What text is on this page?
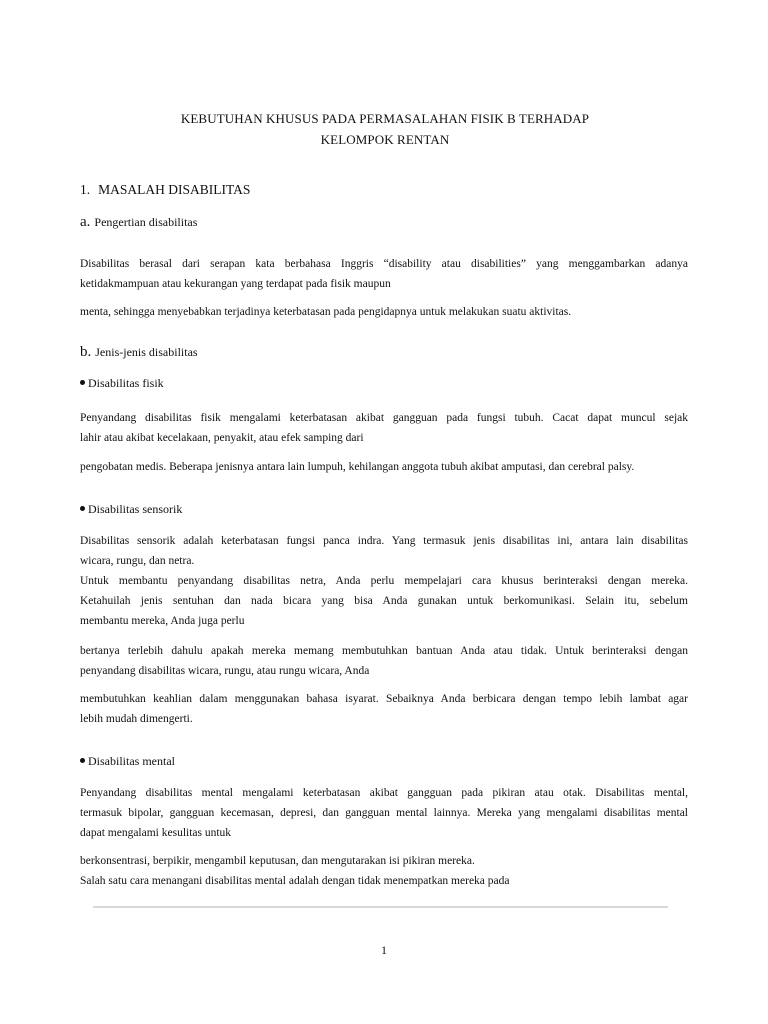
KEBUTUHAN KHUSUS PADA PERMASALAHAN FISIK B TERHADAP
KELOMPOK RENTAN
1. MASALAH DISABILITAS
a. Pengertian disabilitas
Disabilitas berasal dari serapan kata berbahasa Inggris “disability atau disabilities” yang menggambarkan adanya
ketidakmampuan atau kekurangan yang terdapat pada fisik maupun
menta, sehingga menyebabkan terjadinya keterbatasan pada pengidapnya untuk melakukan suatu aktivitas.
b. Jenis-jenis disabilitas
Disabilitas fisik
Penyandang disabilitas fisik mengalami keterbatasan akibat gangguan pada fungsi tubuh. Cacat dapat muncul sejak
lahir atau akibat kecelakaan, penyakit, atau efek samping dari
pengobatan medis. Beberapa jenisnya antara lain lumpuh, kehilangan anggota tubuh akibat amputasi, dan cerebral palsy.
Disabilitas sensorik
Disabilitas sensorik adalah keterbatasan fungsi panca indra. Yang termasuk jenis disabilitas ini, antara lain disabilitas
wicara, rungu, dan netra.
Untuk membantu penyandang disabilitas netra, Anda perlu mempelajari cara khusus berinteraksi dengan mereka.
Ketahuilah jenis sentuhan dan nada bicara yang bisa Anda gunakan untuk berkomunikasi. Selain itu, sebelum
membantu mereka, Anda juga perlu
bertanya terlebih dahulu apakah mereka memang membutuhkan bantuan Anda atau tidak. Untuk berinteraksi dengan
penyandang disabilitas wicara, rungu, atau rungu wicara, Anda
membutuhkan keahlian dalam menggunakan bahasa isyarat. Sebaiknya Anda berbicara dengan tempo lebih lambat agar
lebih mudah dimengerti.
Disabilitas mental
Penyandang disabilitas mental mengalami keterbatasan akibat gangguan pada pikiran atau otak. Disabilitas mental,
termasuk bipolar, gangguan kecemasan, depresi, dan gangguan mental lainnya. Mereka yang mengalami disabilitas mental
dapat mengalami kesulitas untuk
berkonsentrasi, berpikir, mengambil keputusan, dan mengutarakan isi pikiran mereka.
Salah satu cara menangani disabilitas mental adalah dengan tidak menempatkan mereka pada
1
